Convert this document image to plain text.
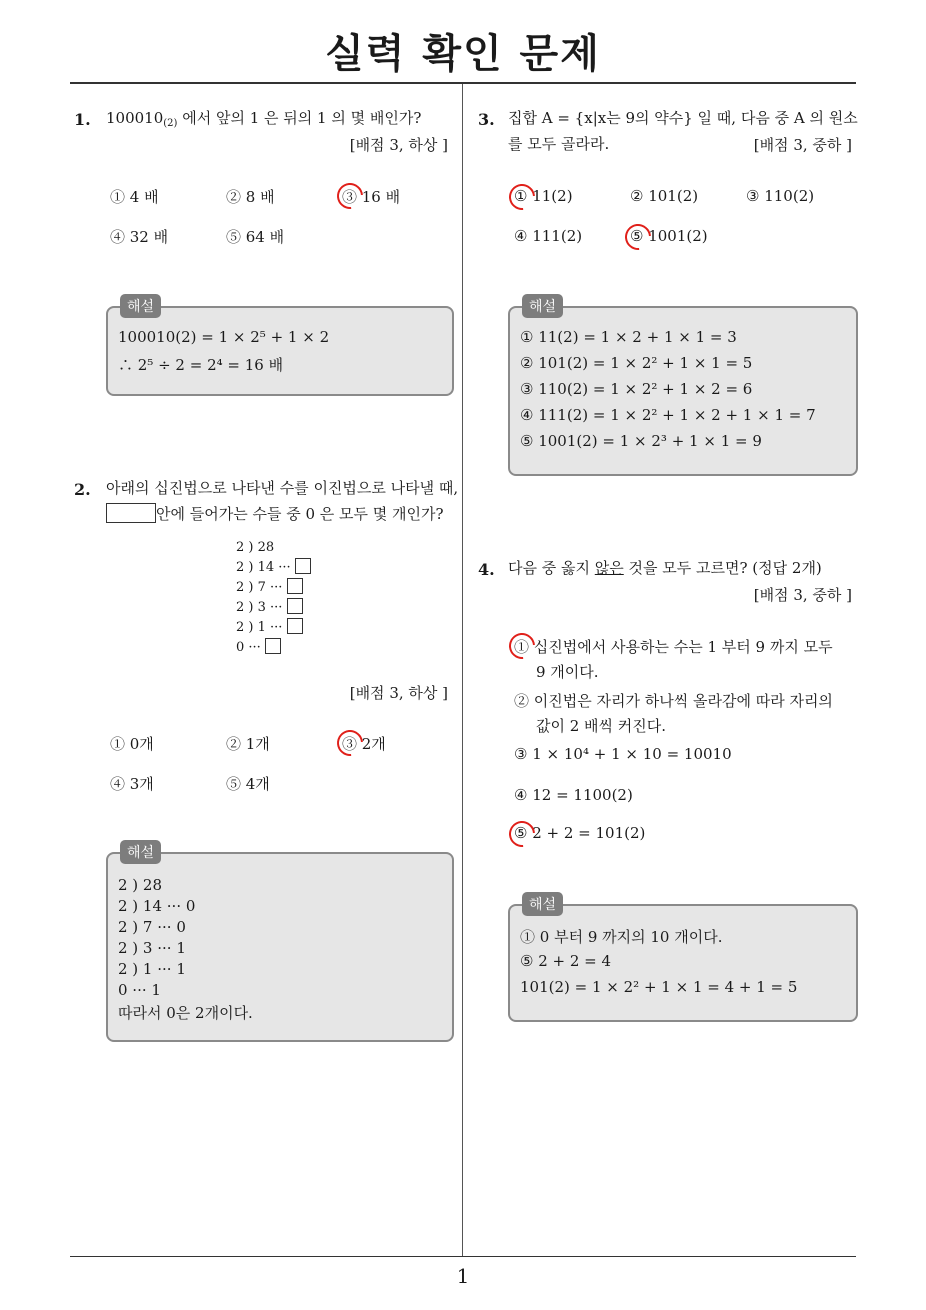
실력 확인 문제
1
1. $100010_{(2)}$ 에서 앞의 1 은 뒤의 1 의 몇 배인가?
[배점 3, 하상 ]
① 4 배	② 8 배	③ 16 배
④ 32 배	⑤ 64 배
해설
100010(2) = 1 × 2⁵ + 1 × 2
∴ 2⁵ ÷ 2 = 2⁴ = 16 배
2. 아래의 십진법으로 나타낸 수를 이진법으로 나타낼 때,
안에 들어가는 수들 중 0 은 모두 몇 개인가?
2 ) 28
2 ) 14 ···
2 ) 7 ···
2 ) 3 ···
2 ) 1 ···
0 ···
[배점 3, 하상 ]
① 0개	② 1개	③ 2개
④ 3개	⑤ 4개
해설
2 ) 28
2 ) 14 ··· 0
2 ) 7 ··· 0
2 ) 3 ··· 1
2 ) 1 ··· 1
0 ··· 1
따라서 0은 2개이다.
3. 집합 A = {x|x는 9의 약수} 일 때, 다음 중 A 의 원소
를 모두 골라라.	[배점 3, 중하 ]
① 11(2)	② 101(2)	③ 110(2)
④ 111(2)	⑤ 1001(2)
해설
① 11(2) = 1 × 2 + 1 × 1 = 3
② 101(2) = 1 × 2² + 1 × 1 = 5
③ 110(2) = 1 × 2² + 1 × 2 = 6
④ 111(2) = 1 × 2² + 1 × 2 + 1 × 1 = 7
⑤ 1001(2) = 1 × 2³ + 1 × 1 = 9
4. 다음 중 옳지 않은 것을 모두 고르면? (정답 2개)
[배점 3, 중하 ]
① 십진법에서 사용하는 수는 1 부터 9 까지 모두
9 개이다.
② 이진법은 자리가 하나씩 올라감에 따라 자리의
값이 2 배씩 커진다.
③ 1 × 10⁴ + 1 × 10 = 10010
④ 12 = 1100(2)
⑤ 2 + 2 = 101(2)
해설
① 0 부터 9 까지의 10 개이다.
⑤ 2 + 2 = 4
101(2) = 1 × 2² + 1 × 1 = 4 + 1 = 5
